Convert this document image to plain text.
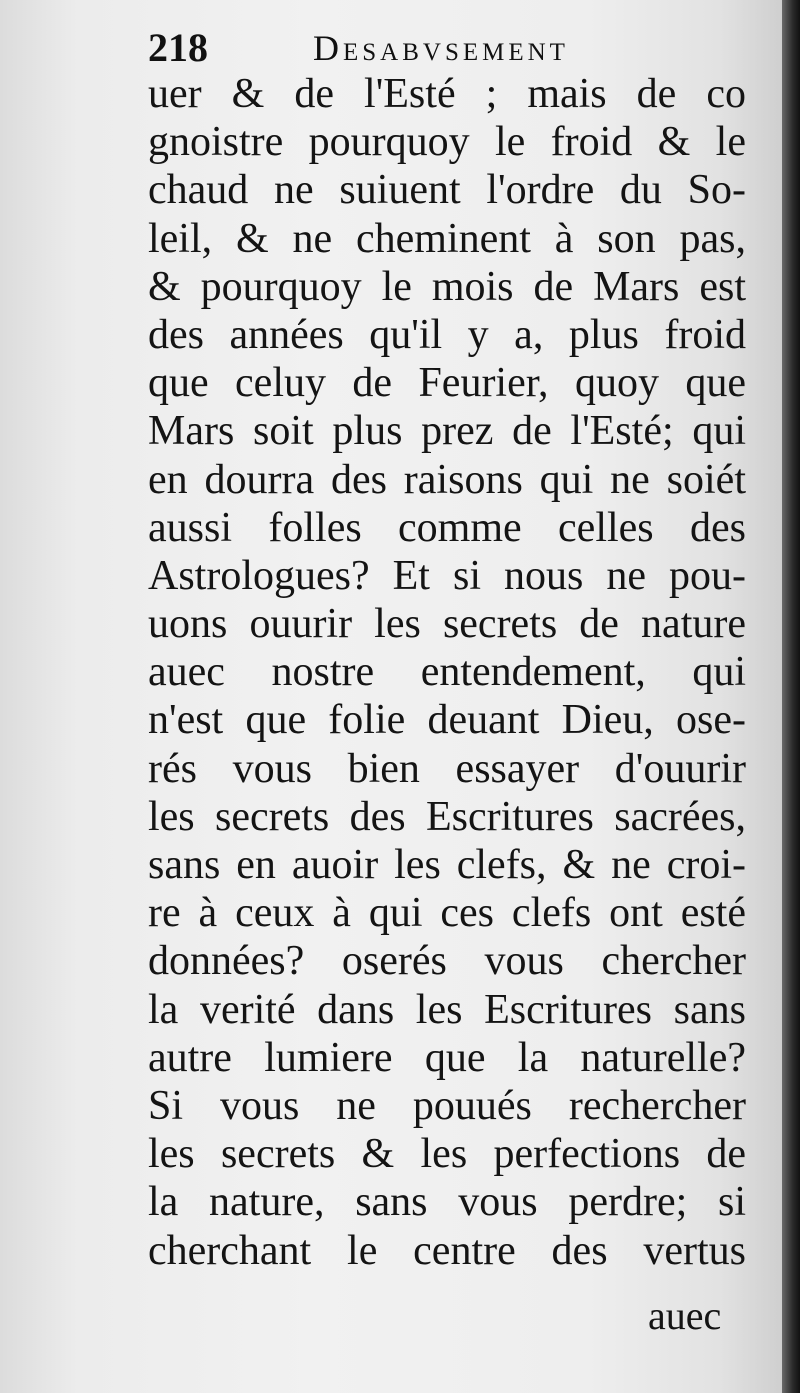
218	Desabvsement
uer & de l'Esté ; mais de co
gnoistre pourquoy le froid & le
chaud ne suiuent l'ordre du So-
leil, & ne cheminent à son pas,
& pourquoy le mois de Mars est
des années qu'il y a, plus froid
que celuy de Feurier, quoy que
Mars soit plus prez de l'Esté; qui
en dourra des raisons qui ne soiét
aussi folles comme celles des
Astrologues? Et si nous ne pou-
uons ouurir les secrets de nature
auec nostre entendement, qui
n'est que folie deuant Dieu, ose-
rés vous bien essayer d'ouurir
les secrets des Escritures sacrées,
sans en auoir les clefs, & ne croi-
re à ceux à qui ces clefs ont esté
données? oserés vous chercher
la verité dans les Escritures sans
autre lumiere que la naturelle?
Si vous ne pouués rechercher
les secrets & les perfections de
la nature, sans vous perdre; si
cherchant le centre des vertus
auec
